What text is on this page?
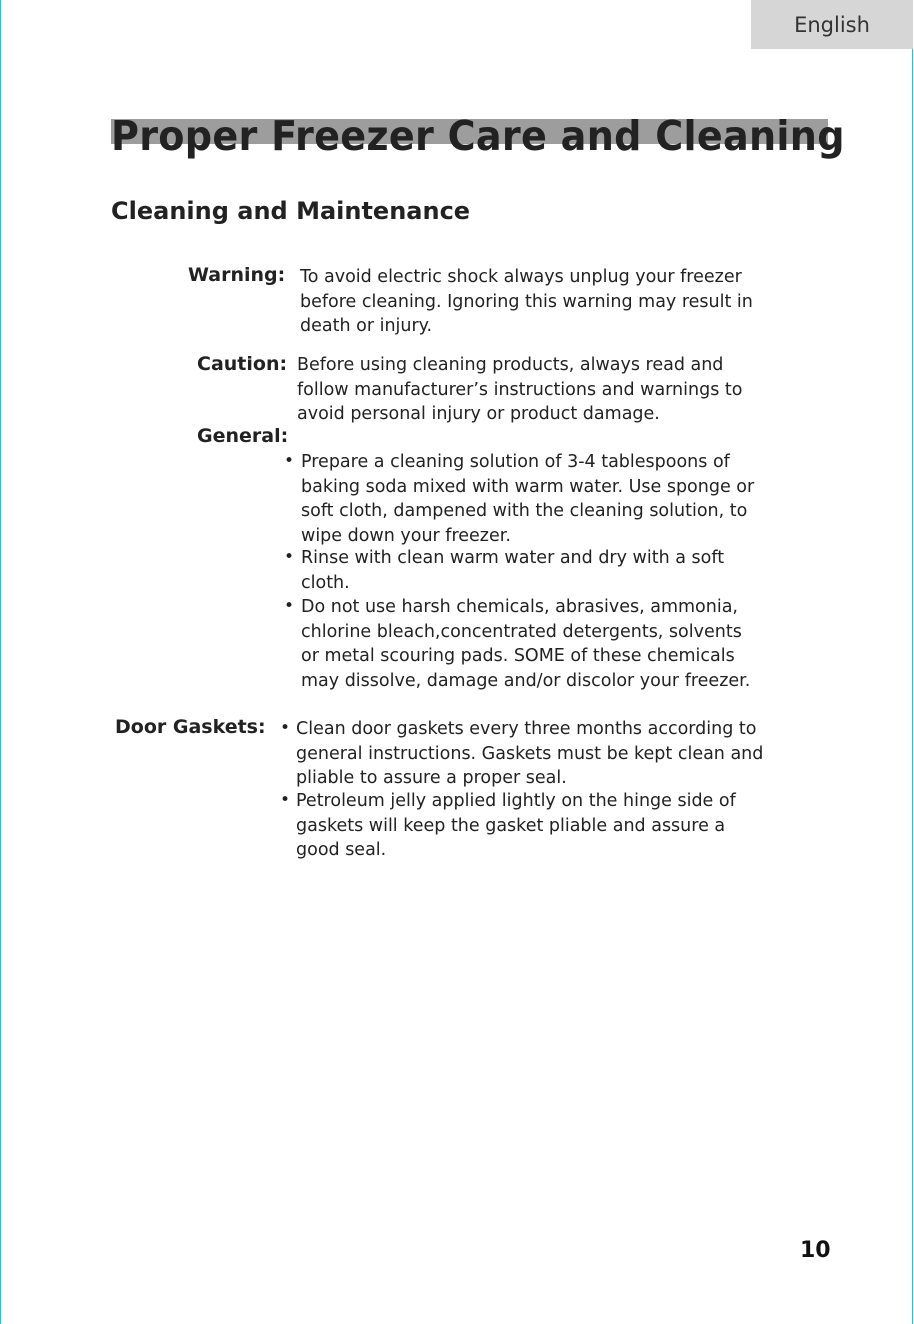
English
Proper Freezer Care and Cleaning
Cleaning and Maintenance
Warning: To avoid electric shock always unplug your freezer before cleaning. Ignoring this warning may result in death or injury.

Caution: Before using cleaning products, always read and follow manufacturer’s instructions and warnings to avoid personal injury or product damage.

General:
• Prepare a cleaning solution of 3-4 tablespoons of baking soda mixed with warm water. Use sponge or soft cloth, dampened with the cleaning solution, to wipe down your freezer.

• Rinse with clean warm water and dry with a soft cloth.

• Do not use harsh chemicals, abrasives, ammonia, chlorine bleach,concentrated detergents, solvents or metal scouring pads. SOME of these chemicals may dissolve, damage and/or discolor your freezer.

Door Gaskets: • Clean door gaskets every three months according to general instructions. Gaskets must be kept clean and pliable to assure a proper seal.

• Petroleum jelly applied lightly on the hinge side of gaskets will keep the gasket pliable and assure a good seal.

10
